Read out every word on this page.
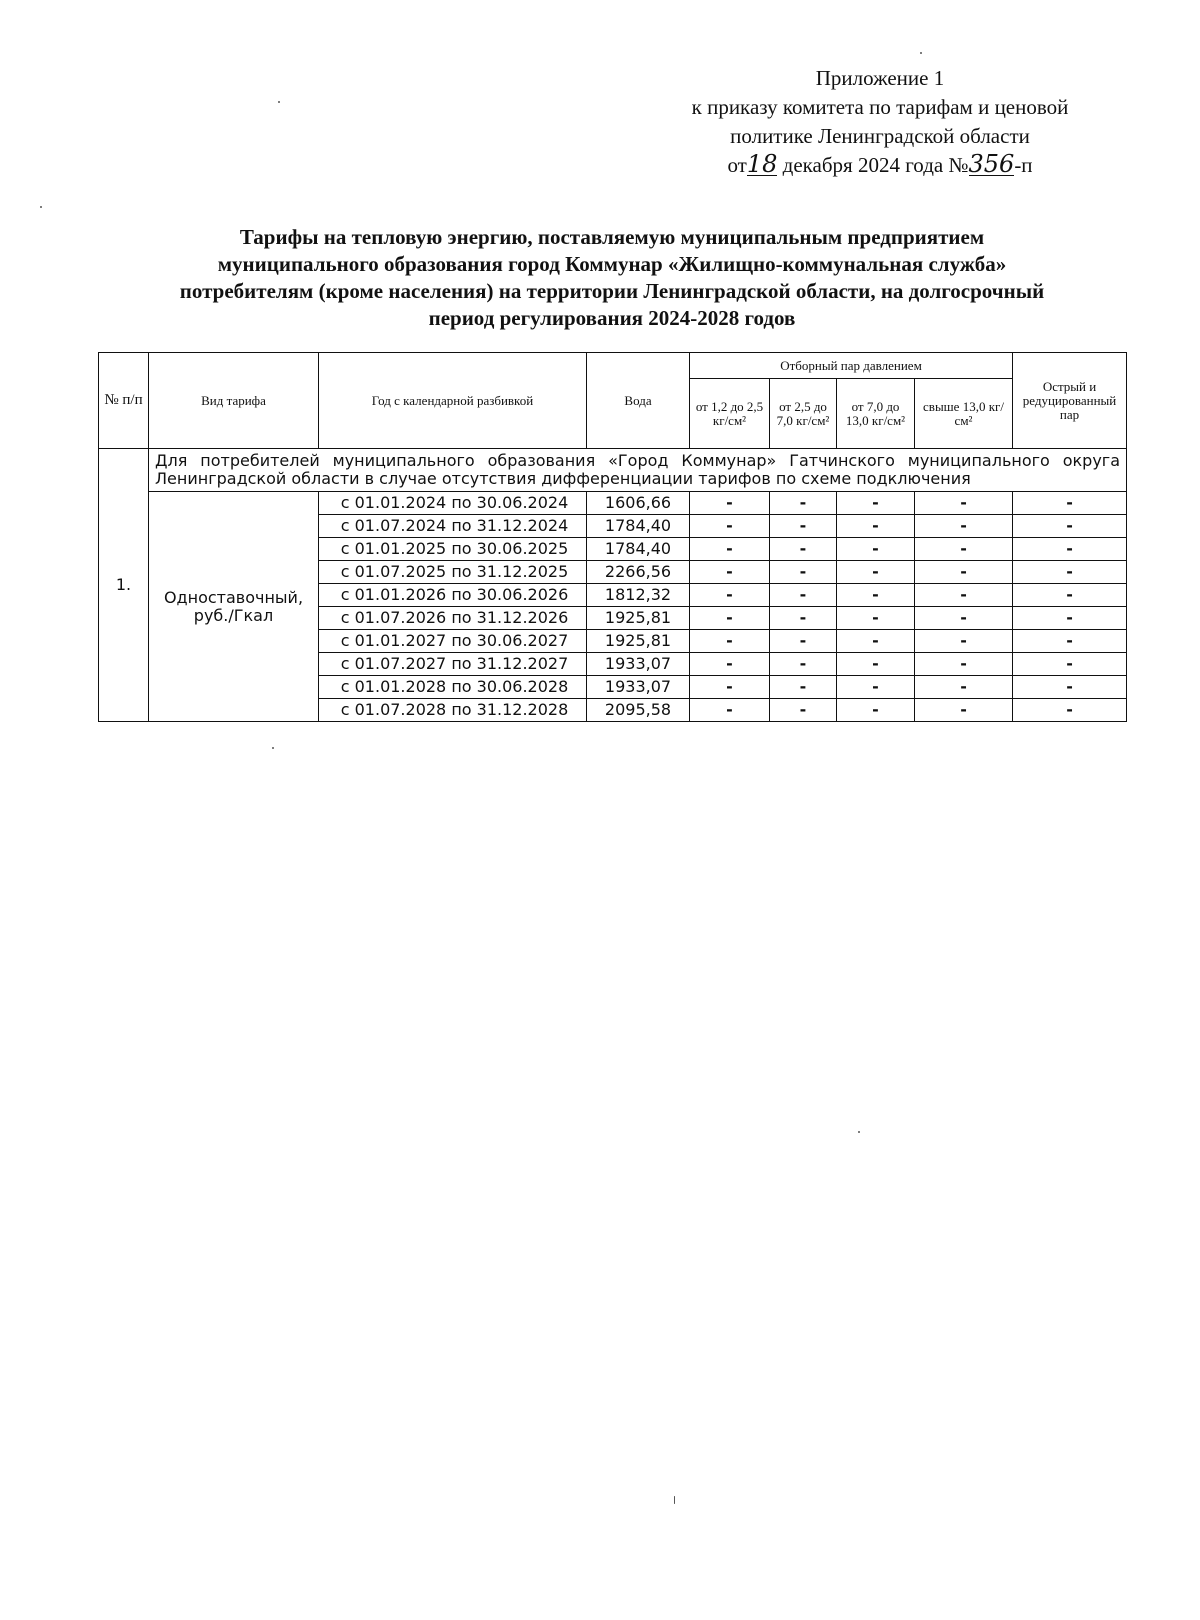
Приложение 1
к приказу комитета по тарифам и ценовой
политике Ленинградской области
от18 декабря 2024 года №356-п
Тарифы на тепловую энергию, поставляемую муниципальным предприятием
муниципального образования город Коммунар «Жилищно-коммунальная служба»
потребителям (кроме населения) на территории Ленинградской области, на долгосрочный
период регулирования 2024-2028 годов
№ п/п	Вид тарифа	Год с календарной разбивкой	Вода	Отборный пар давлением				Острый и редуцированный пар
				от 1,2 до 2,5 кг/см²	от 2,5 до 7,0 кг/см²	от 7,0 до 13,0 кг/см²	свыше 13,0 кг/см²	
1.	Для потребителей муниципального образования «Город Коммунар» Гатчинского муниципального округа Ленинградской области в случае отсутствия дифференциации тарифов по схеме подключения							
	Одноставочный, руб./Гкал	с 01.01.2024 по 30.06.2024	1606,66	-	-	-	-	-
		с 01.07.2024 по 31.12.2024	1784,40	-	-	-	-	-
		с 01.01.2025 по 30.06.2025	1784,40	-	-	-	-	-
		с 01.07.2025 по 31.12.2025	2266,56	-	-	-	-	-
		с 01.01.2026 по 30.06.2026	1812,32	-	-	-	-	-
		с 01.07.2026 по 31.12.2026	1925,81	-	-	-	-	-
		с 01.01.2027 по 30.06.2027	1925,81	-	-	-	-	-
		с 01.07.2027 по 31.12.2027	1933,07	-	-	-	-	-
		с 01.01.2028 по 30.06.2028	1933,07	-	-	-	-	-
		с 01.07.2028 по 31.12.2028	2095,58	-	-	-	-	-
